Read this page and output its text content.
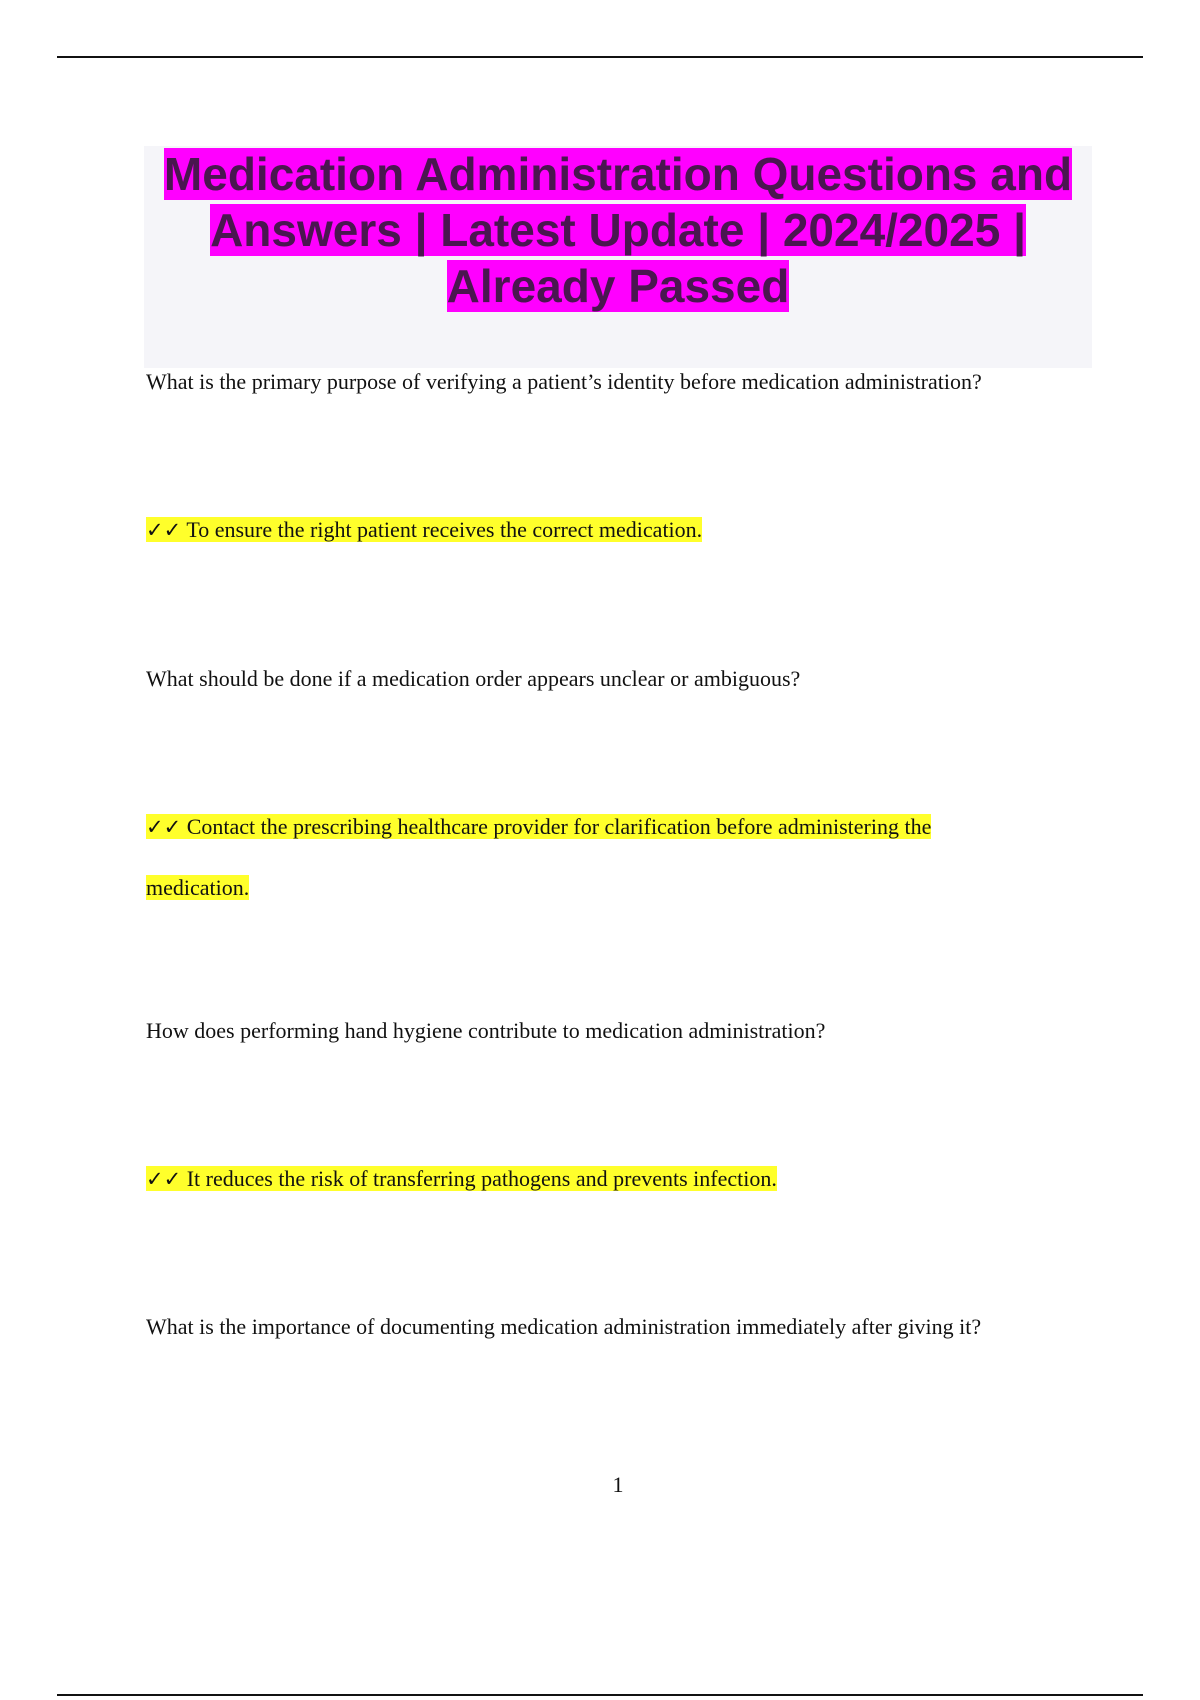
Medication Administration Questions and Answers | Latest Update | 2024/2025 | Already Passed
What is the primary purpose of verifying a patient’s identity before medication administration?
✓✓ To ensure the right patient receives the correct medication.
What should be done if a medication order appears unclear or ambiguous?
✓✓ Contact the prescribing healthcare provider for clarification before administering the
medication.
How does performing hand hygiene contribute to medication administration?
✓✓ It reduces the risk of transferring pathogens and prevents infection.
What is the importance of documenting medication administration immediately after giving it?
1
